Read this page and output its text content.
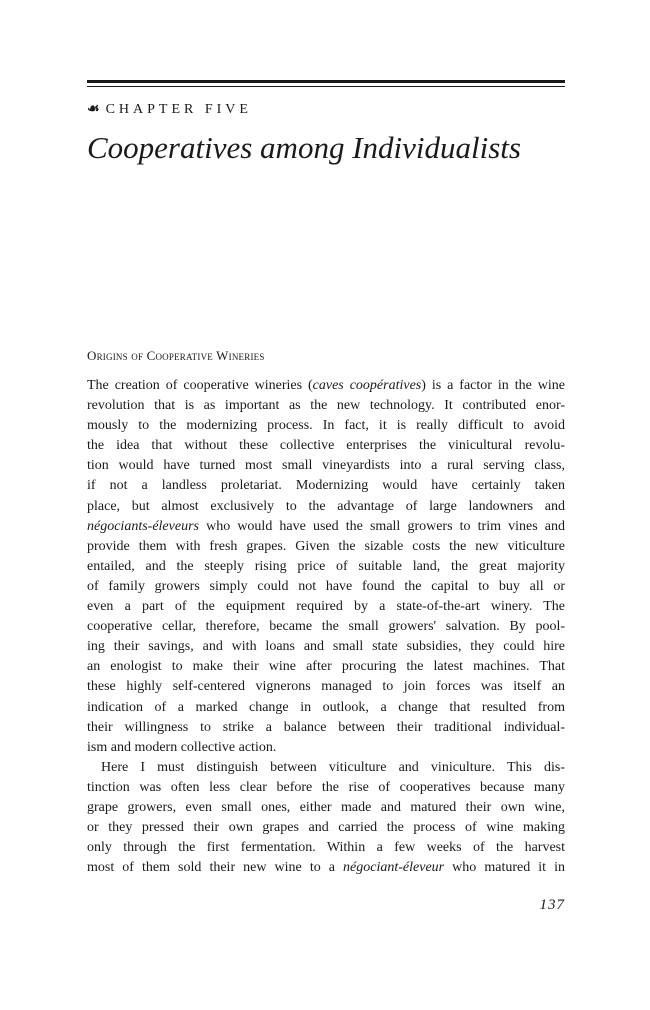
☙ CHAPTER FIVE
Cooperatives among Individualists
Origins of Cooperative Wineries
The creation of cooperative wineries (caves coopératives) is a factor in the wine
revolution that is as important as the new technology. It contributed enor-
mously to the modernizing process. In fact, it is really difficult to avoid
the idea that without these collective enterprises the vinicultural revolu-
tion would have turned most small vineyardists into a rural serving class,
if not a landless proletariat. Modernizing would have certainly taken
place, but almost exclusively to the advantage of large landowners and
négociants-éleveurs who would have used the small growers to trim vines and
provide them with fresh grapes. Given the sizable costs the new viticulture
entailed, and the steeply rising price of suitable land, the great majority
of family growers simply could not have found the capital to buy all or
even a part of the equipment required by a state-of-the-art winery. The
cooperative cellar, therefore, became the small growers' salvation. By pool-
ing their savings, and with loans and small state subsidies, they could hire
an enologist to make their wine after procuring the latest machines. That
these highly self-centered vignerons managed to join forces was itself an
indication of a marked change in outlook, a change that resulted from
their willingness to strike a balance between their traditional individual-
ism and modern collective action.
Here I must distinguish between viticulture and viniculture. This dis-
tinction was often less clear before the rise of cooperatives because many
grape growers, even small ones, either made and matured their own wine,
or they pressed their own grapes and carried the process of wine making
only through the first fermentation. Within a few weeks of the harvest
most of them sold their new wine to a négociant-éleveur who matured it in
137
